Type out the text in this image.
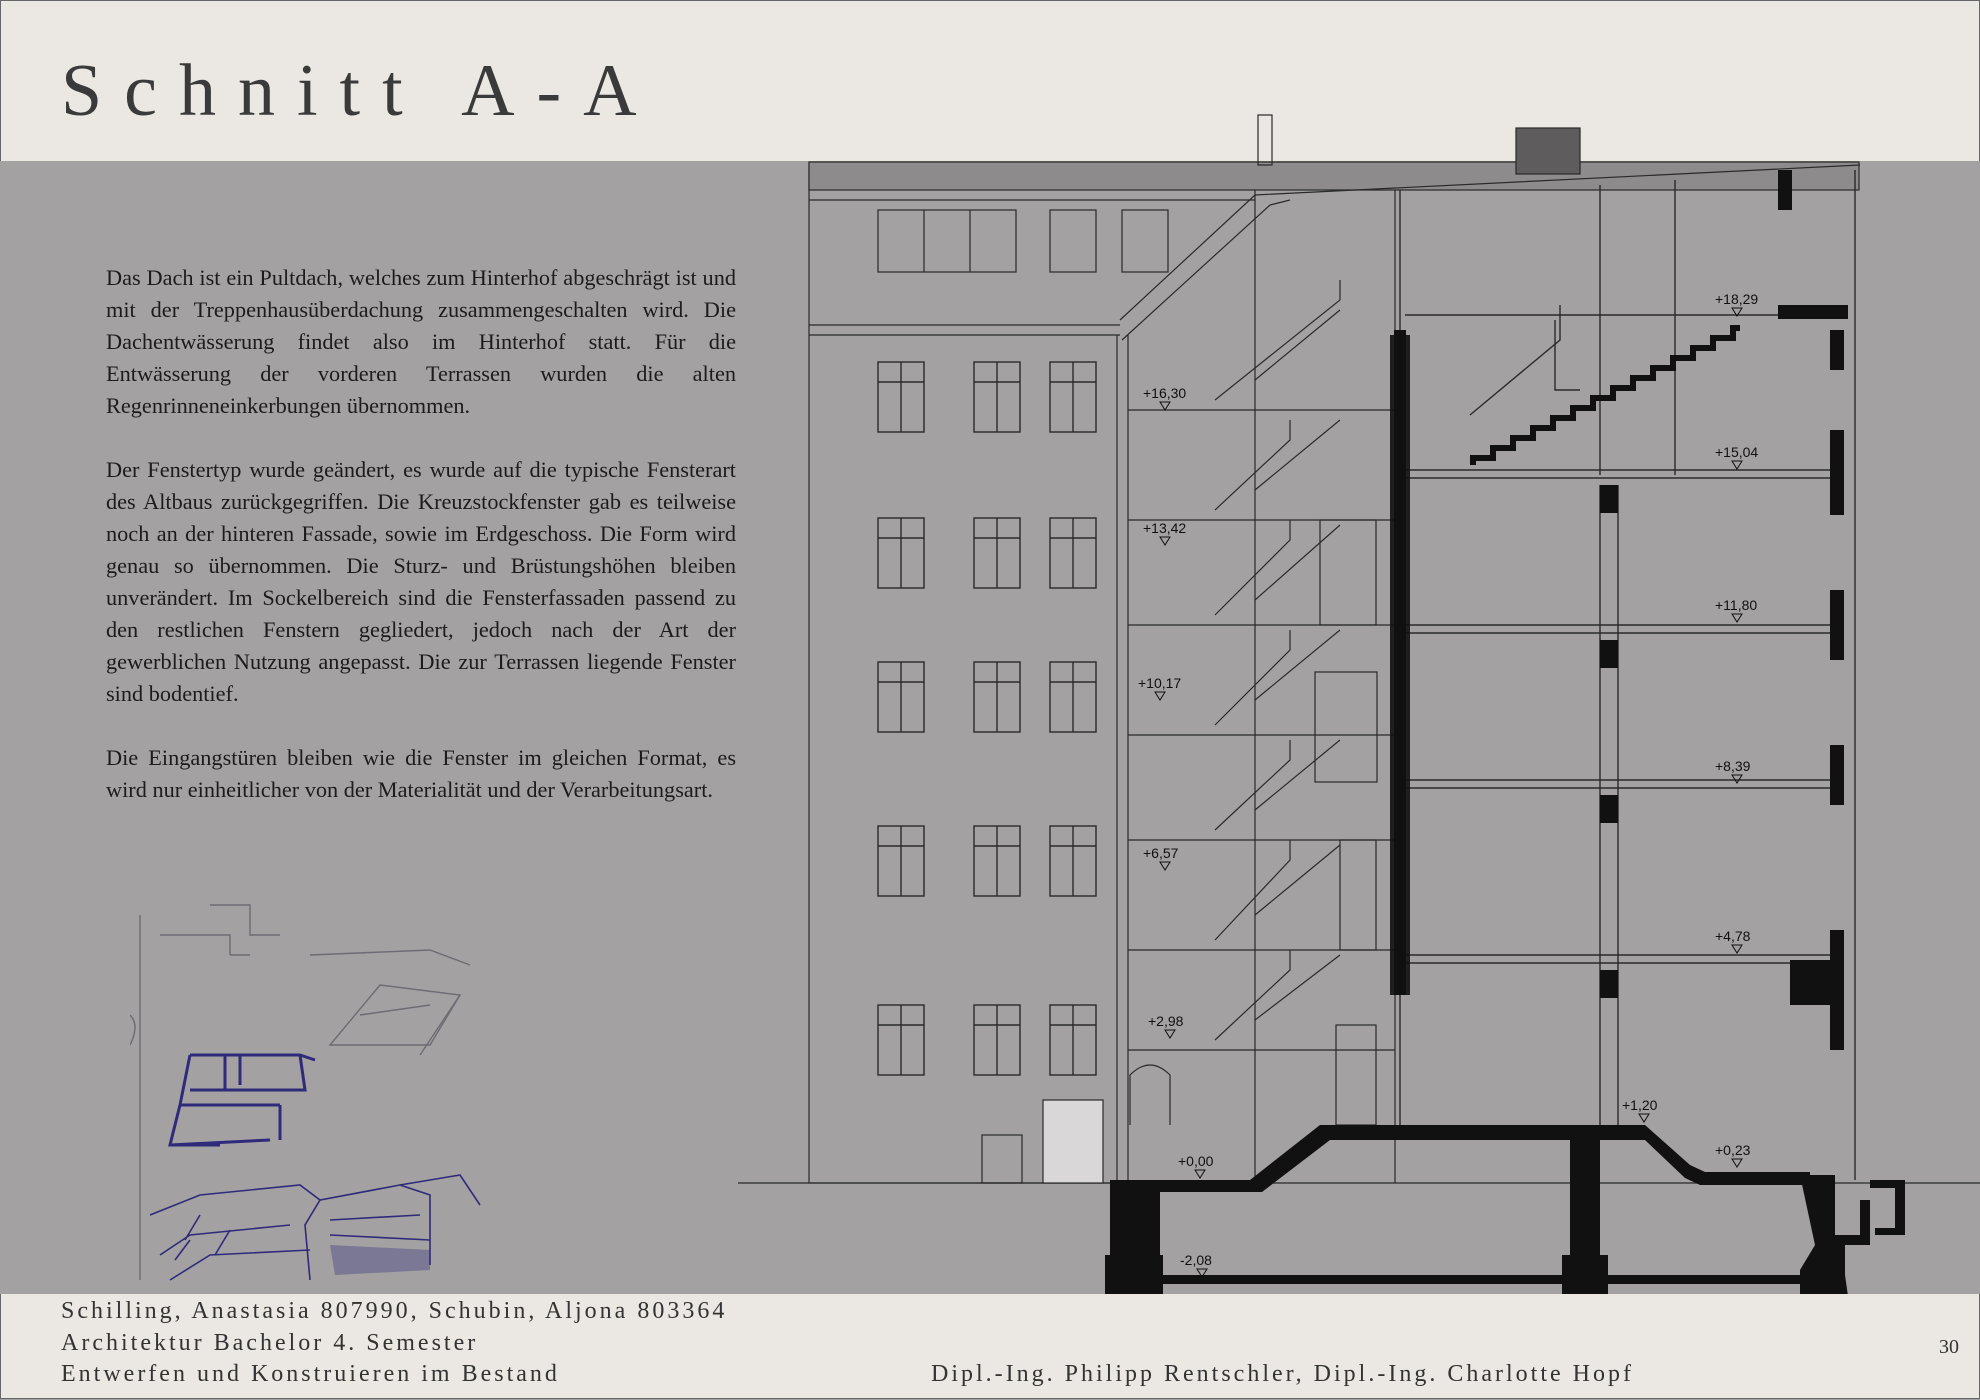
Schnitt A-A

Das Dach ist ein Pultdach, welches zum Hinterhof abgeschrägt ist und mit der Treppenhausüberdachung zusammengeschalten wird. Die Dachentwässerung findet also im Hinterhof statt. Für die Entwässerung der vorderen Terrassen wurden die alten Regenrinneneinkerbungen übernommen.

Der Fenstertyp wurde geändert, es wurde auf die typische Fensterart des Altbaus zurückgegriffen. Die Kreuzstockfenster gab es teilweise noch an der hinteren Fassade, sowie im Erdgeschoss. Die Form wird genau so übernommen. Die Sturz- und Brüstungshöhen bleiben unverändert. Im Sockelbereich sind die Fensterfassaden passend zu den restlichen Fenstern gegliedert, jedoch nach der Art der gewerblichen Nutzung angepasst. Die zur Terrassen liegende Fenster sind bodentief.

Die Eingangstüren bleiben wie die Fenster im gleichen Format, es wird nur einheitlicher von der Materialität und der Verarbeitungsart.

+16,30
+13,42
+10,17
+6,57
+2,98
+0,00
-2,08
+18,29
+15,04
+11,80
+8,39
+4,78
+1,20
+0,23
Schilling, Anastasia 807990, Schubin, Aljona 803364
Architektur Bachelor 4. Semester
Entwerfen und Konstruieren im Bestand	Dipl.-Ing. Philipp Rentschler, Dipl.-Ing. Charlotte Hopf
30
